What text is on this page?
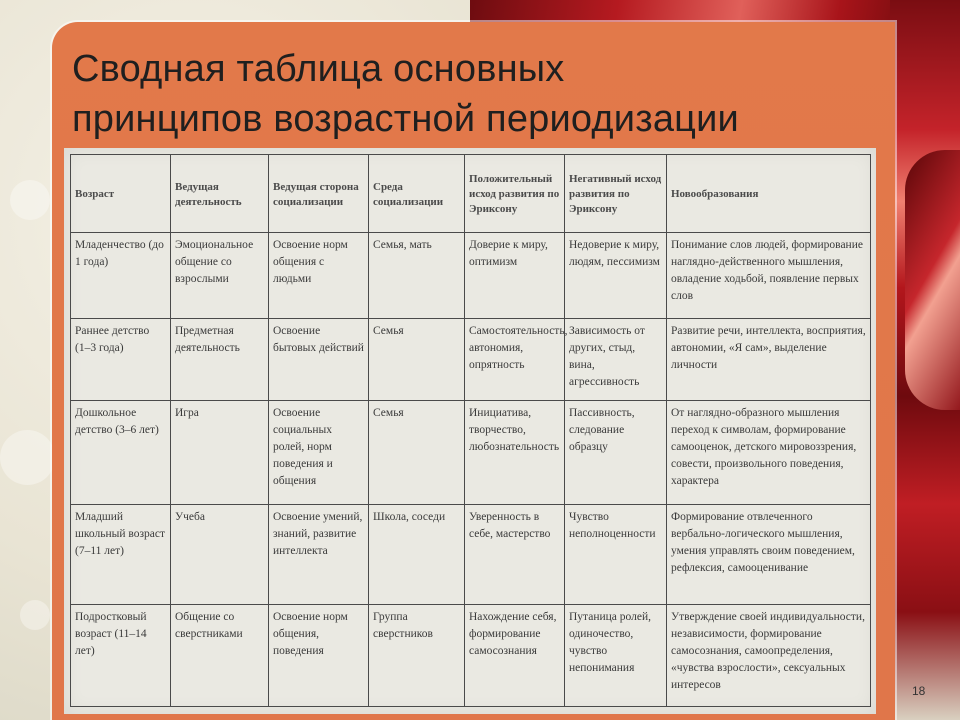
Сводная таблица основных
принципов возрастной периодизации
Возраст	Ведущая деятельность	Ведущая сторона социализации	Среда социализации	Положительный исход развития по Эриксону	Негативный исход развития по Эриксону	Новообразования
Младенчество (до 1 года)	Эмоциональное общение со взрослыми	Освоение норм общения с людьми	Семья, мать	Доверие к миру, оптимизм	Недоверие к миру, людям, пессимизм	Понимание слов людей, формирование наглядно-действенного мышления, овладение ходьбой, появление первых слов
Раннее детство (1–3 года)	Предметная деятельность	Освоение бытовых действий	Семья	Самостоятельность, автономия, опрятность	Зависимость от других, стыд, вина, агрессивность	Развитие речи, интеллекта, восприятия, автономии, «Я сам», выделение личности
Дошкольное детство (3–6 лет)	Игра	Освоение социальных ролей, норм поведения и общения	Семья	Инициатива, творчество, любознательность	Пассивность, следование образцу	От наглядно-образного мышления переход к символам, формирование самооценок, детского мировоззрения, совести, произвольного поведения, характера
Младший школьный возраст (7–11 лет)	Учеба	Освоение умений, знаний, развитие интеллекта	Школа, соседи	Уверенность в себе, мастерство	Чувство неполноценности	Формирование отвлеченного вербально-логического мышления, умения управлять своим поведением, рефлексия, самооценивание
Подростковый возраст (11–14 лет)	Общение со сверстниками	Освоение норм общения, поведения	Группа сверстников	Нахождение себя, формирование самосознания	Путаница ролей, одиночество, чувство непонимания	Утверждение своей индивидуальности, независимости, формирование самосознания, самоопределения, «чувства взрослости», сексуальных интересов	18
